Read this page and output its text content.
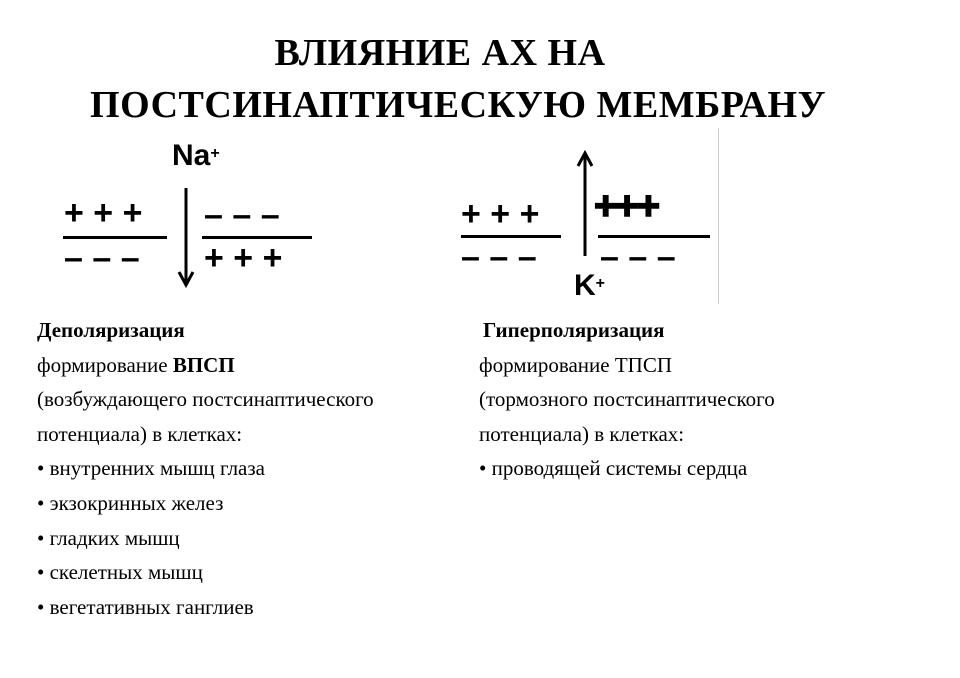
ВЛИЯНИЕ АХ НА
ПОСТСИНАПТИЧЕСКУЮ МЕМБРАНУ
Na+
+ + +
– – –
– – –
+ + +
+ + +
– – –
+++
– – –
K+
Деполяризация
формирование ВПСП
(возбуждающего постсинаптического
потенциала) в клетках:
• внутренних мышц глаза
• экзокринных желез
• гладких мышц
• скелетных мышц
• вегетативных ганглиев
Гиперполяризация
формирование ТПСП
(тормозного постсинаптического
потенциала) в клетках:
• проводящей системы сердца
